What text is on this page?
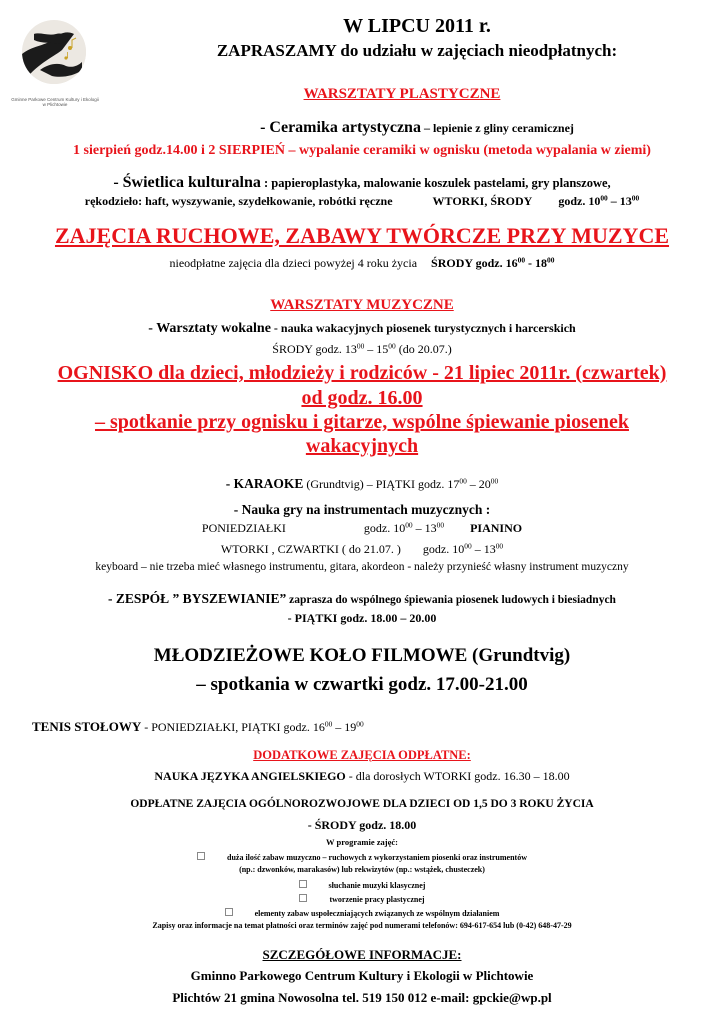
Gminne Parkowe Centrum Kultury i Ekologii w Plichtowie
W LIPCU 2011 r.
ZAPRASZAMY do udziału w zajęciach nieodpłatnych:
WARSZTATY PLASTYCZNE
- Ceramika artystyczna – lepienie z gliny ceramicznej
1 sierpień godz.14.00 i 2 SIERPIEŃ – wypalanie ceramiki w ognisku (metoda wypalania w ziemi)
- Świetlica kulturalna : papieroplastyka, malowanie koszulek pastelami, gry planszowe,
rękodzieło: haft, wyszywanie, szydełkowanie, robótki ręczne	WTORKI, ŚRODY godz. $10^{00} - 13^{00}$
ZAJĘCIA RUCHOWE, ZABAWY TWÓRCZE PRZY MUZYCE
nieodpłatne zajęcia dla dzieci powyżej 4 roku życia ŚRODY godz. $16^{00} - 18^{00}$
WARSZTATY MUZYCZNE
- Warsztaty wokalne - nauka wakacyjnych piosenek turystycznych i harcerskich
ŚRODY godz. $13^{00} - 15^{00}$ (do 20.07.)
OGNISKO dla dzieci, młodzieży i rodziców - 21 lipiec 2011r. (czwartek)
od godz. 16.00
– spotkanie przy ognisku i gitarze, wspólne śpiewanie piosenek
wakacyjnych
- KARAOKE (Grundtvig) – PIĄTKI godz. $17^{00} - 20^{00}$
- Nauka gry na instrumentach muzycznych :
PONIEDZIAŁKI	godz. $10^{00} - 13^{00}$ PIANINO
WTORKI , CZWARTKI ( do 21.07. ) godz. $10^{00} - 13^{00}$
keyboard – nie trzeba mieć własnego instrumentu, gitara, akordeon - należy przynieść własny instrument muzyczny
- ZESPÓŁ ” BYSZEWIANIE” zaprasza do wspólnego śpiewania piosenek ludowych i biesiadnych
- PIĄTKI godz. 18.00 – 20.00
MŁODZIEŻOWE KOŁO FILMOWE (Grundtvig)
– spotkania w czwartki godz. 17.00-21.00
TENIS STOŁOWY - PONIEDZIAŁKI, PIĄTKI godz. $16^{00} - 19^{00}$
DODATKOWE ZAJĘCIA ODPŁATNE:
NAUKA JĘZYKA ANGIELSKIEGO - dla dorosłych WTORKI godz. 16.30 – 18.00
ODPŁATNE ZAJĘCIA OGÓLNOROZWOJOWE DLA DZIECI OD 1,5 DO 3 ROKU ŻYCIA
- ŚRODY godz. 18.00
W programie zajęć:
duża ilość zabaw muzyczno – ruchowych z wykorzystaniem piosenki oraz instrumentów
(np.: dzwonków, marakasów) lub rekwizytów (np.: wstążek, chusteczek)
słuchanie muzyki klasycznej
tworzenie pracy plastycznej
elementy zabaw uspołeczniających związanych ze wspólnym działaniem
Zapisy oraz informacje na temat płatności oraz terminów zajęć pod numerami telefonów: 694-617-654 lub (0-42) 648-47-29
SZCZEGÓŁOWE INFORMACJE:
Gminno Parkowego Centrum Kultury i Ekologii w Plichtowie
Plichtów 21 gmina Nowosolna tel. 519 150 012 e-mail: gpckie@wp.pl
